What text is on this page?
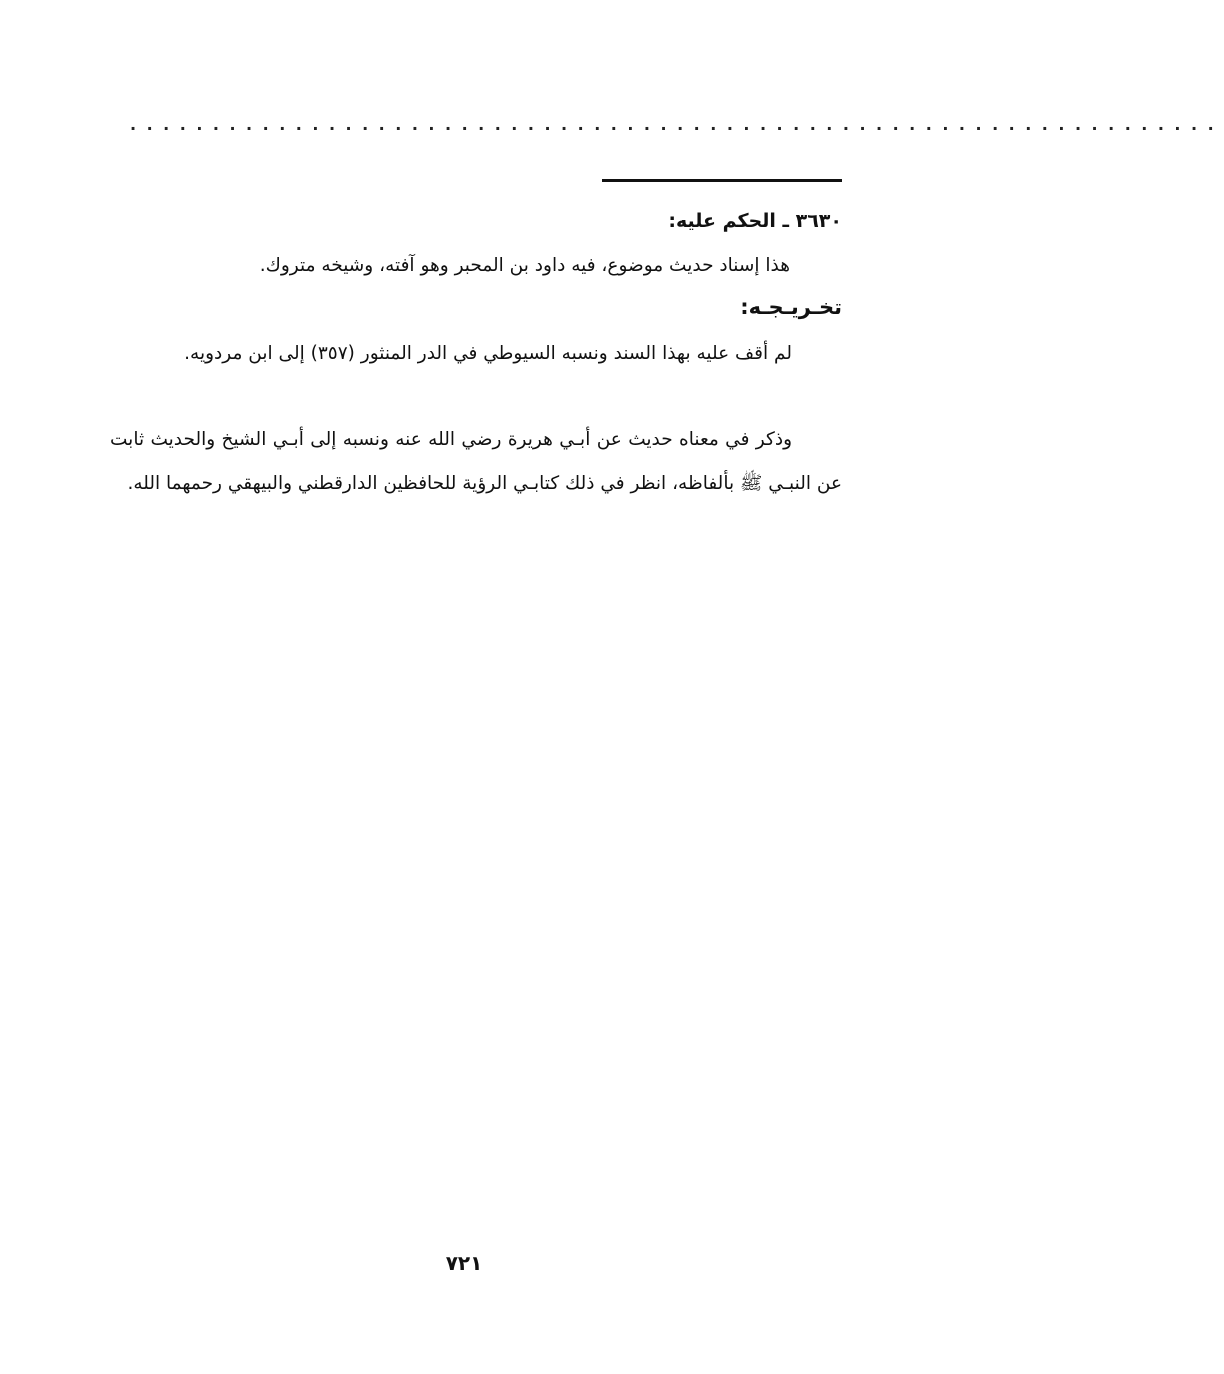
..................................................................
٣٦٣٠ ـ الحكم عليه:
هذا إسناد حديث موضوع، فيه داود بن المحبر وهو آفته، وشيخه متروك.
تخـريـجـه:
لم أقف عليه بهذا السند ونسبه السيوطي في الدر المنثور (٣٥٧) إلى ابن مردويه.
وذكر في معناه حديث عن أبـي هريرة رضي الله عنه ونسبه إلى أبـي الشيخ والحديث ثابت عن النبـي ﷺ بألفاظه، انظر في ذلك كتابـي الرؤية للحافظين الدارقطني والبيهقي رحمهما الله.
٧٢١
